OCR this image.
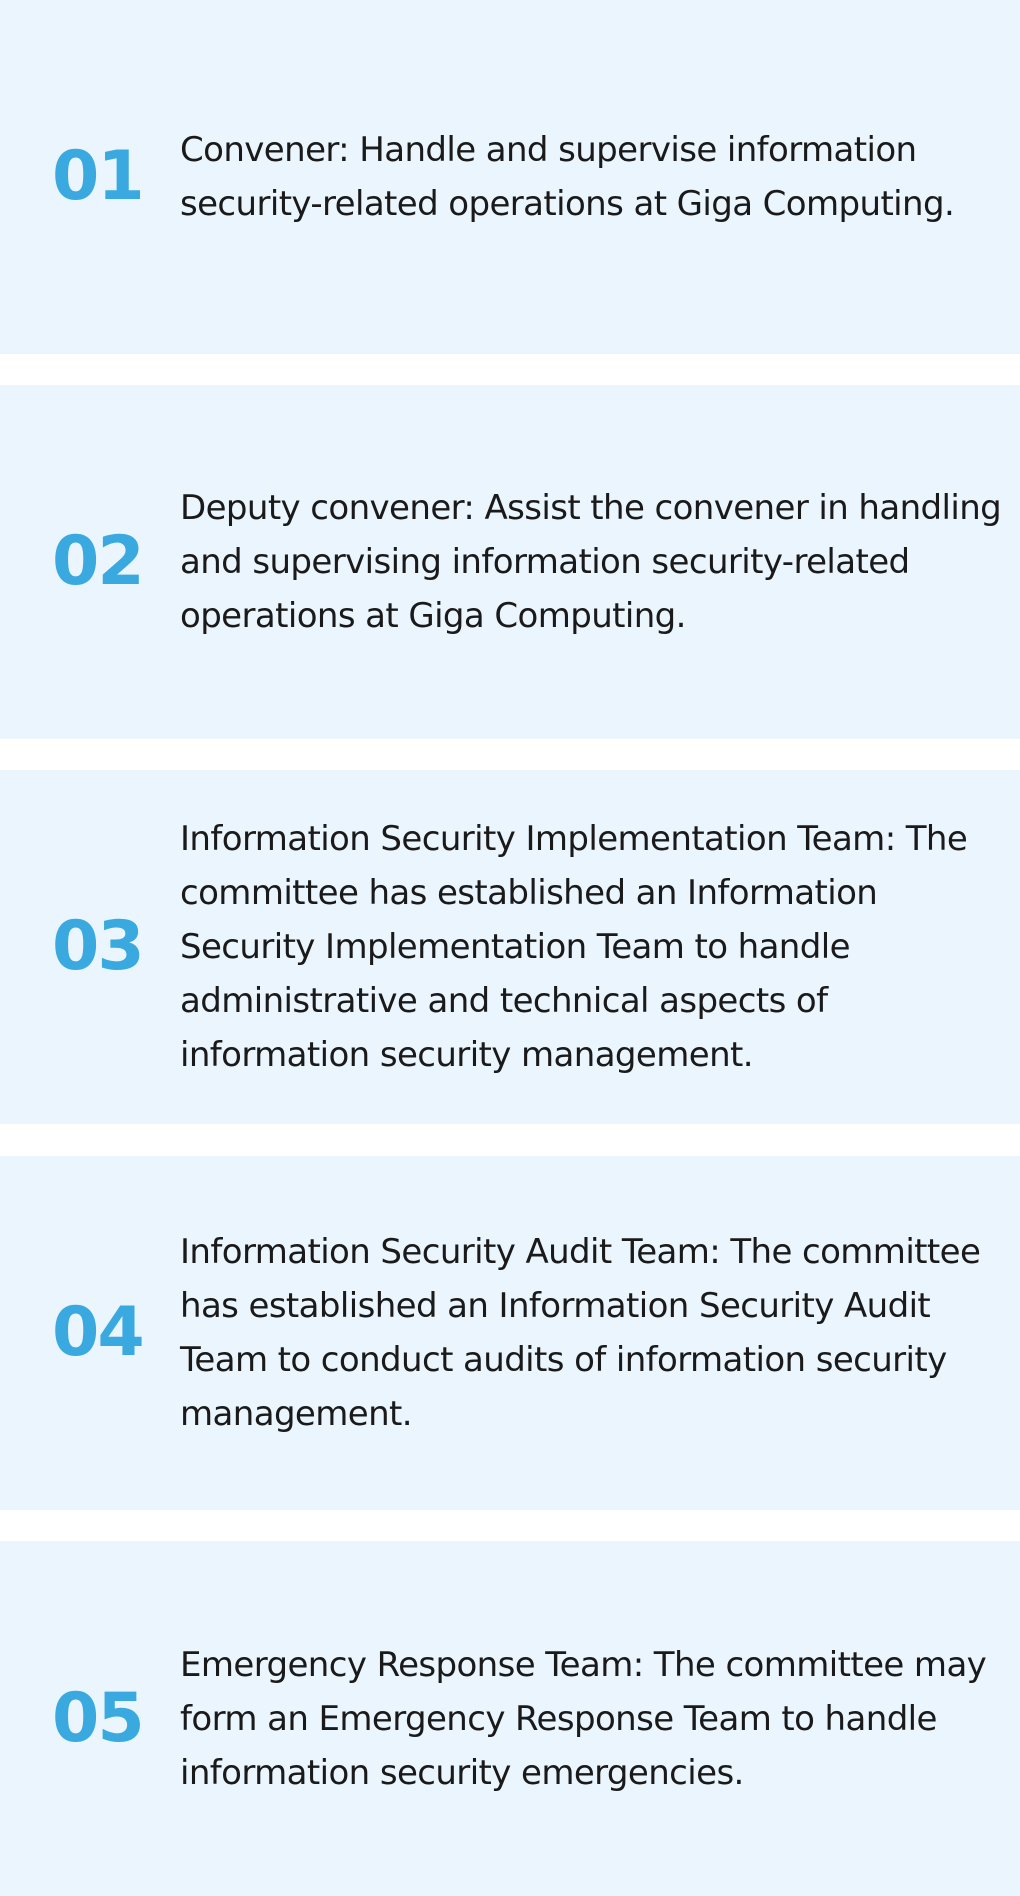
01 Convener: Handle and supervise information security-related operations at Giga Computing.
02
Deputy convener: Assist the convener in handling and supervising information security-related operations at Giga Computing.
03
Information Security Implementation Team: The committee has established an Information Security Implementation Team to handle administrative and technical aspects of information security management.
04
Information Security Audit Team: The committee has established an Information Security Audit Team to conduct audits of information security management.
05
Emergency Response Team: The committee may form an Emergency Response Team to handle information security emergencies.
